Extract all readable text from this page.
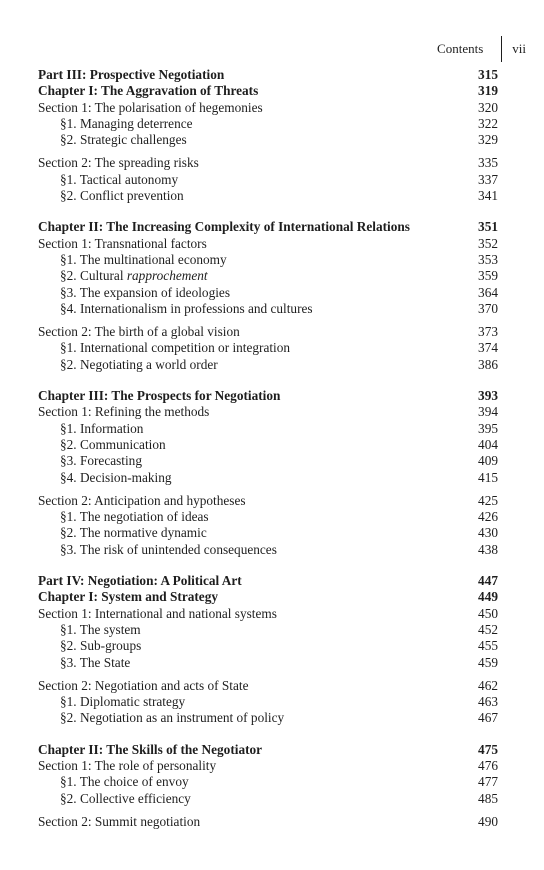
Contents vii
Part III: Prospective Negotiation	315
Chapter I: The Aggravation of Threats	319
Section 1: The polarisation of hegemonies	320
§1. Managing deterrence	322
§2. Strategic challenges	329
Section 2: The spreading risks	335
§1. Tactical autonomy	337
§2. Conflict prevention	341
Chapter II: The Increasing Complexity of International Relations	351
Section 1: Transnational factors	352
§1. The multinational economy	353
§2. Cultural rapprochement	359
§3. The expansion of ideologies	364
§4. Internationalism in professions and cultures	370
Section 2: The birth of a global vision	373
§1. International competition or integration	374
§2. Negotiating a world order	386
Chapter III: The Prospects for Negotiation	393
Section 1: Refining the methods	394
§1. Information	395
§2. Communication	404
§3. Forecasting	409
§4. Decision-making	415
Section 2: Anticipation and hypotheses	425
§1. The negotiation of ideas	426
§2. The normative dynamic	430
§3. The risk of unintended consequences	438
Part IV: Negotiation: A Political Art	447
Chapter I: System and Strategy	449
Section 1: International and national systems	450
§1. The system	452
§2. Sub-groups	455
§3. The State	459
Section 2: Negotiation and acts of State	462
§1. Diplomatic strategy	463
§2. Negotiation as an instrument of policy	467
Chapter II: The Skills of the Negotiator	475
Section 1: The role of personality	476
§1. The choice of envoy	477
§2. Collective efficiency	485
Section 2: Summit negotiation	490
